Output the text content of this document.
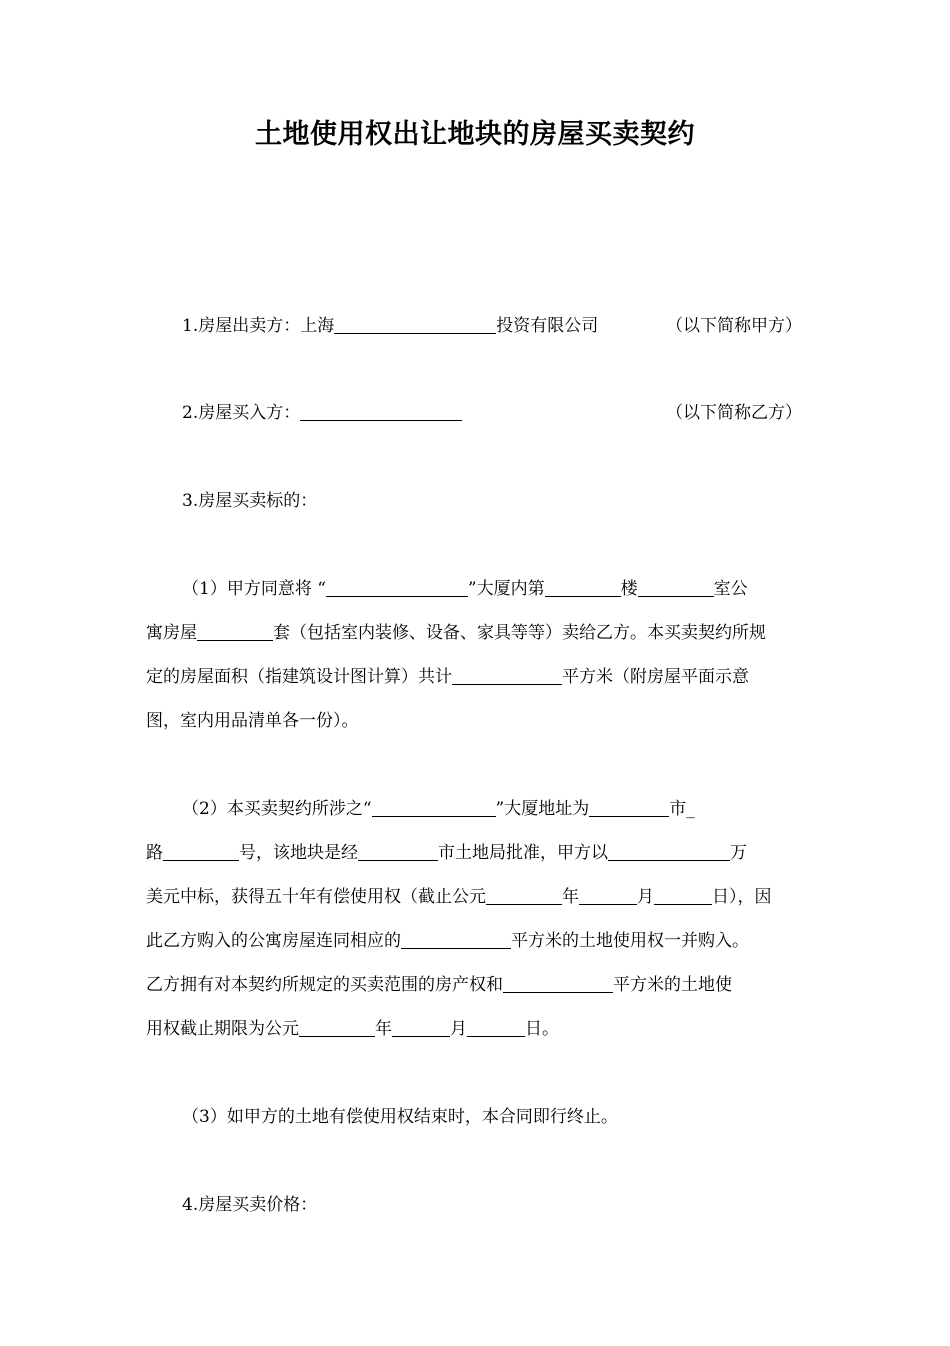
土地使用权出让地块的房屋买卖契约
1.房屋出卖方：上海	投资有限公司	（以下简称甲方）
2.房屋买入方：	（以下简称乙方）
3.房屋买卖标的：
（1）甲方同意将 “	”大厦内第	楼	室公
寓房屋	套（包括室内装修、设备、家具等等）卖给乙方。本买卖契约所规
定的房屋面积（指建筑设计图计算）共计	平方米（附房屋平面示意
图，室内用品清单各一份）。
（2）本买卖契约所涉之“	”大厦地址为	市_
路	号，该地块是经	市土地局批准，甲方以	万
美元中标，获得五十年有偿使用权（截止公元	年	月	日），因
此乙方购入的公寓房屋连同相应的	平方米的土地使用权一并购入。
乙方拥有对本契约所规定的买卖范围的房产权和	平方米的土地使
用权截止期限为公元	年	月	日。
（3）如甲方的土地有偿使用权结束时，本合同即行终止。
4.房屋买卖价格：
